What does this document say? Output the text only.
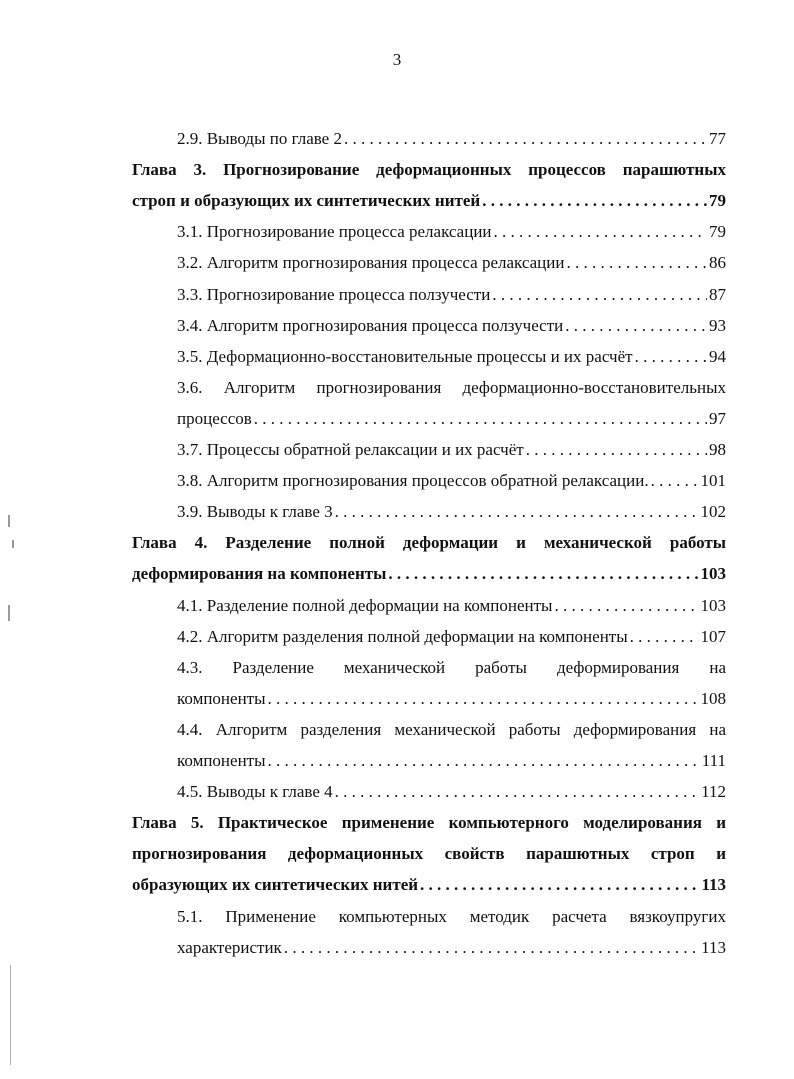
3
2.9. Выводы по главе 2 . . .	77
Глава 3. Прогнозирование деформационных процессов парашютных
строп и образующих их синтетических нитей . . .	79
3.1. Прогнозирование процесса релаксации . . .	79
3.2. Алгоритм прогнозирования процесса релаксации . . .	86
3.3. Прогнозирование процесса ползучести . . .	87
3.4. Алгоритм прогнозирования процесса ползучести . . .	93
3.5. Деформационно-восстановительные процессы и их расчёт . . .	94
3.6. Алгоритм прогнозирования деформационно-восстановительных
процессов . . .	97
3.7. Процессы обратной релаксации и их расчёт . . .	98
3.8. Алгоритм прогнозирования процессов обратной релаксации. . . .	101
3.9. Выводы к главе 3 . . .	102
Глава 4. Разделение полной деформации и механической работы
деформирования на компоненты . . .	103
4.1. Разделение полной деформации на компоненты . . .	103
4.2. Алгоритм разделения полной деформации на компоненты . . .	107
4.3. Разделение механической работы деформирования на
компоненты . . .	108
4.4. Алгоритм разделения механической работы деформирования на
компоненты . . .	111
4.5. Выводы к главе 4 . . .	112
Глава 5. Практическое применение компьютерного моделирования и
прогнозирования деформационных свойств парашютных строп и
образующих их синтетических нитей . . .	113
5.1. Применение компьютерных методик расчета вязкоупругих
характеристик . . .	113
